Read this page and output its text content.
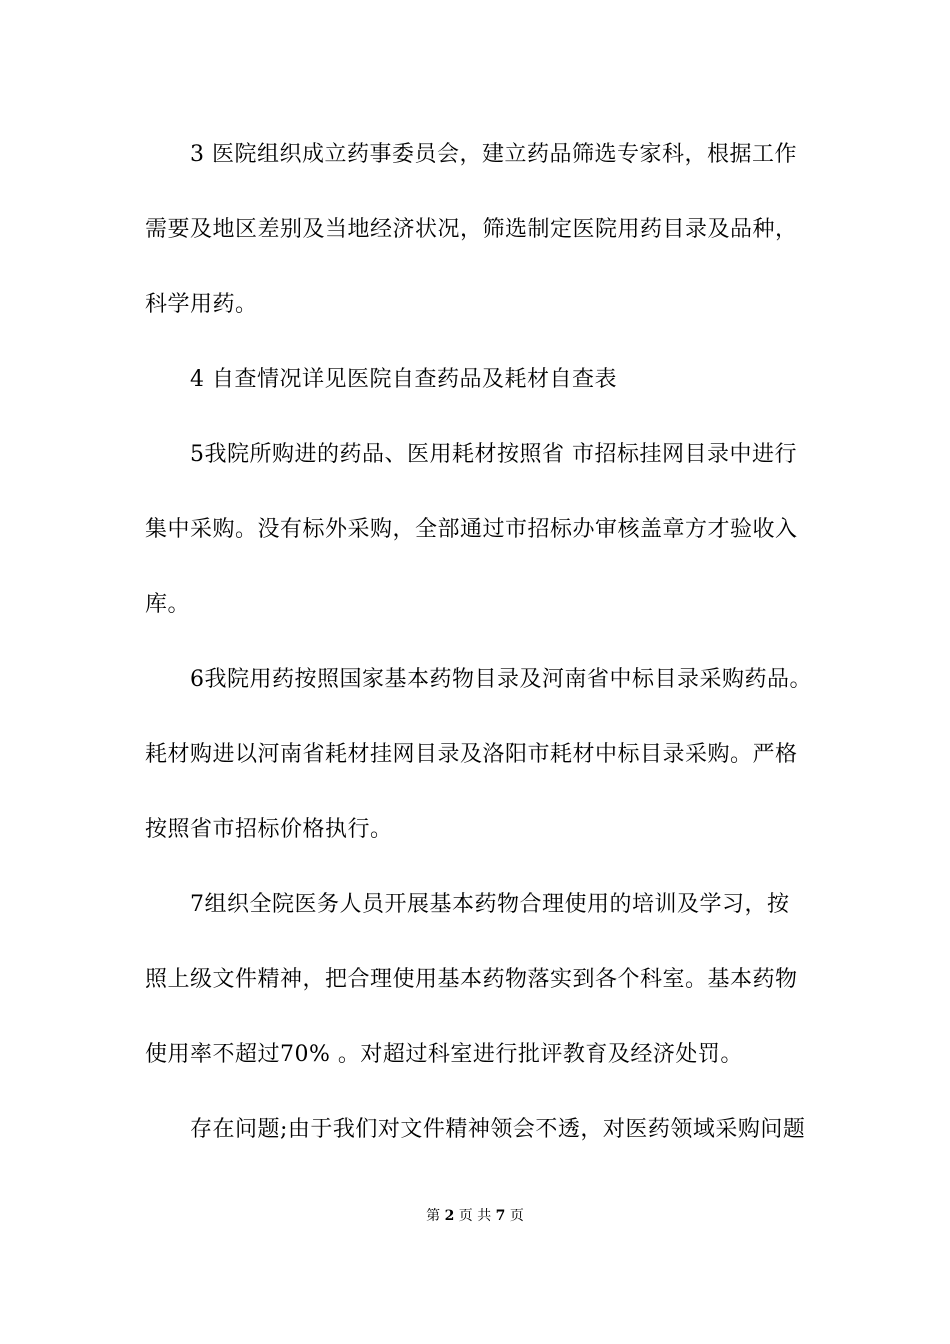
3 医院组织成立药事委员会，建立药品筛选专家科，根据工作
需要及地区差别及当地经济状况，筛选制定医院用药目录及品种，
科学用药。
4 自查情况详见医院自查药品及耗材自查表
5我院所购进的药品、医用耗材按照省 市招标挂网目录中进行
集中采购。没有标外采购，全部通过市招标办审核盖章方才验收入
库。
6我院用药按照国家基本药物目录及河南省中标目录采购药品。
耗材购进以河南省耗材挂网目录及洛阳市耗材中标目录采购。严格
按照省市招标价格执行。
7组织全院医务人员开展基本药物合理使用的培训及学习，按
照上级文件精神，把合理使用基本药物落实到各个科室。基本药物
使用率不超过70% 。对超过科室进行批评教育及经济处罚。
存在问题;由于我们对文件精神领会不透，对医药领域采购问题
第 2 页 共 7 页
